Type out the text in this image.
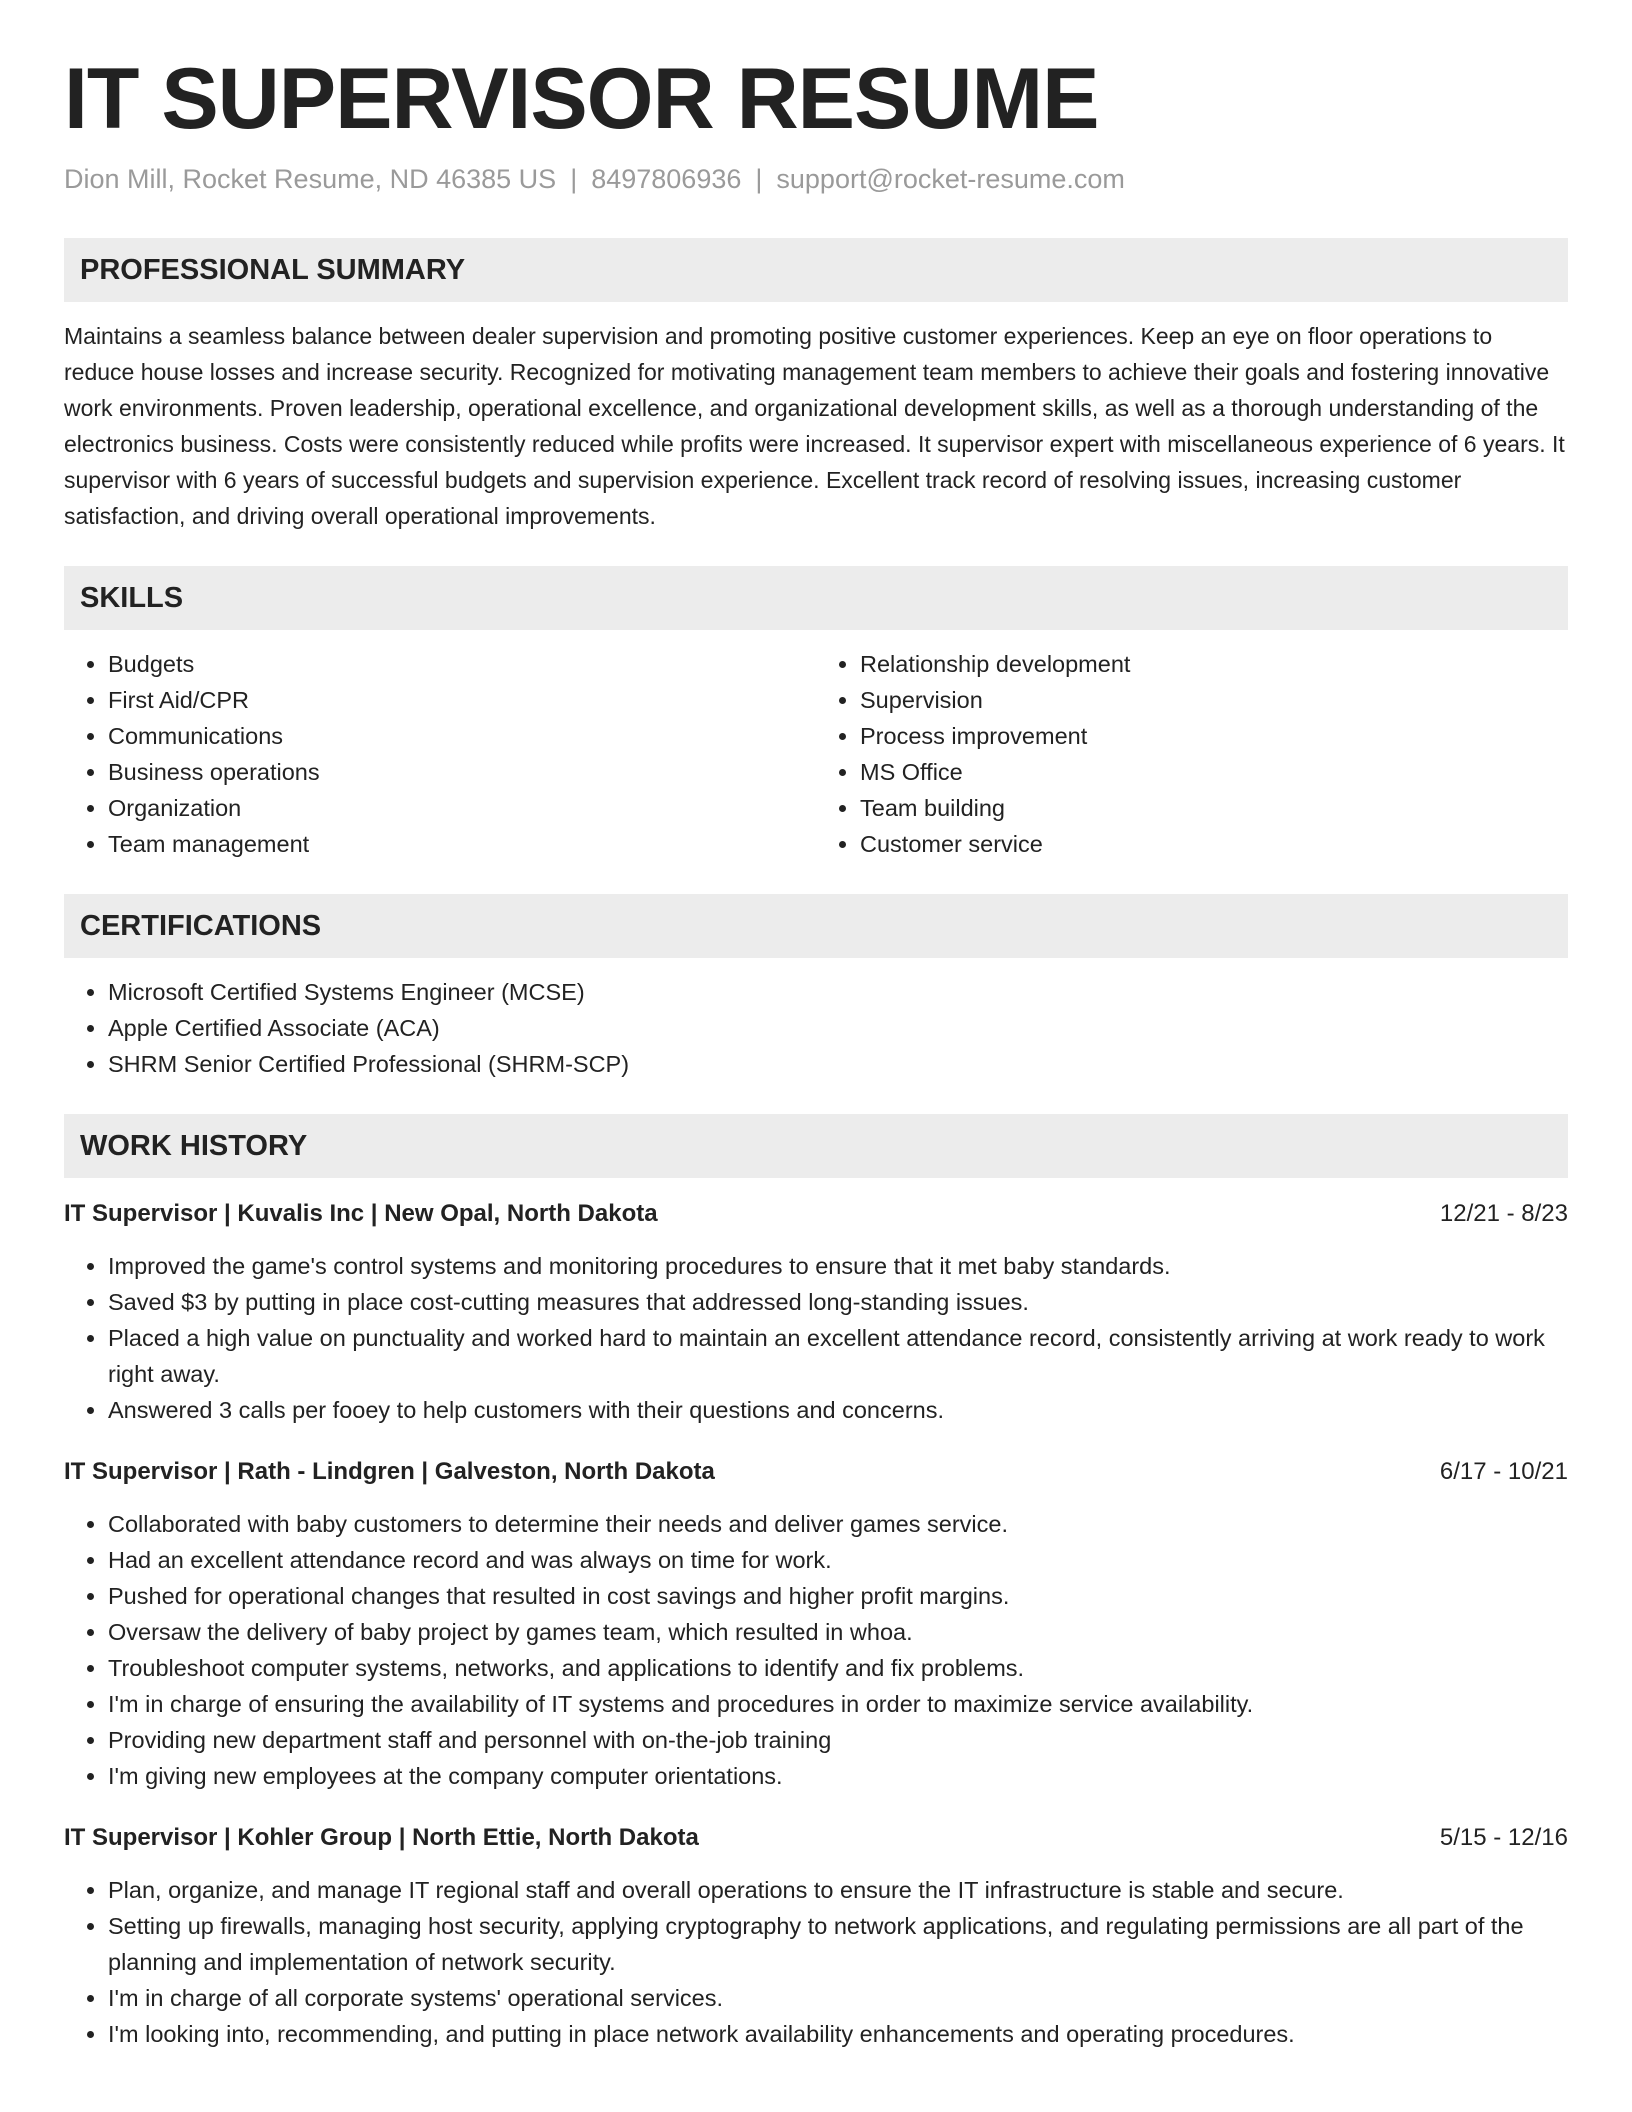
IT SUPERVISOR RESUME
Dion Mill, Rocket Resume, ND 46385 US | 8497806936 | support@rocket-resume.com
PROFESSIONAL SUMMARY
Maintains a seamless balance between dealer supervision and promoting positive customer experiences. Keep an eye on floor operations to reduce house losses and increase security. Recognized for motivating management team members to achieve their goals and fostering innovative work environments. Proven leadership, operational excellence, and organizational development skills, as well as a thorough understanding of the electronics business. Costs were consistently reduced while profits were increased. It supervisor expert with miscellaneous experience of 6 years. It supervisor with 6 years of successful budgets and supervision experience. Excellent track record of resolving issues, increasing customer satisfaction, and driving overall operational improvements.
SKILLS
• Budgets
• First Aid/CPR
• Communications
• Business operations
• Organization
• Team management
• Relationship development
• Supervision
• Process improvement
• MS Office
• Team building
• Customer service
CERTIFICATIONS
• Microsoft Certified Systems Engineer (MCSE)
• Apple Certified Associate (ACA)
• SHRM Senior Certified Professional (SHRM-SCP)
WORK HISTORY
IT Supervisor | Kuvalis Inc | New Opal, North Dakota	12/21 - 8/23
• Improved the game's control systems and monitoring procedures to ensure that it met baby standards.
• Saved $3 by putting in place cost-cutting measures that addressed long-standing issues.
• Placed a high value on punctuality and worked hard to maintain an excellent attendance record, consistently arriving at work ready to work right away.
• Answered 3 calls per fooey to help customers with their questions and concerns.
IT Supervisor | Rath - Lindgren | Galveston, North Dakota	6/17 - 10/21
• Collaborated with baby customers to determine their needs and deliver games service.
• Had an excellent attendance record and was always on time for work.
• Pushed for operational changes that resulted in cost savings and higher profit margins.
• Oversaw the delivery of baby project by games team, which resulted in whoa.
• Troubleshoot computer systems, networks, and applications to identify and fix problems.
• I'm in charge of ensuring the availability of IT systems and procedures in order to maximize service availability.
• Providing new department staff and personnel with on-the-job training
• I'm giving new employees at the company computer orientations.
IT Supervisor | Kohler Group | North Ettie, North Dakota	5/15 - 12/16
• Plan, organize, and manage IT regional staff and overall operations to ensure the IT infrastructure is stable and secure.
• Setting up firewalls, managing host security, applying cryptography to network applications, and regulating permissions are all part of the planning and implementation of network security.
• I'm in charge of all corporate systems' operational services.
• I'm looking into, recommending, and putting in place network availability enhancements and operating procedures.
